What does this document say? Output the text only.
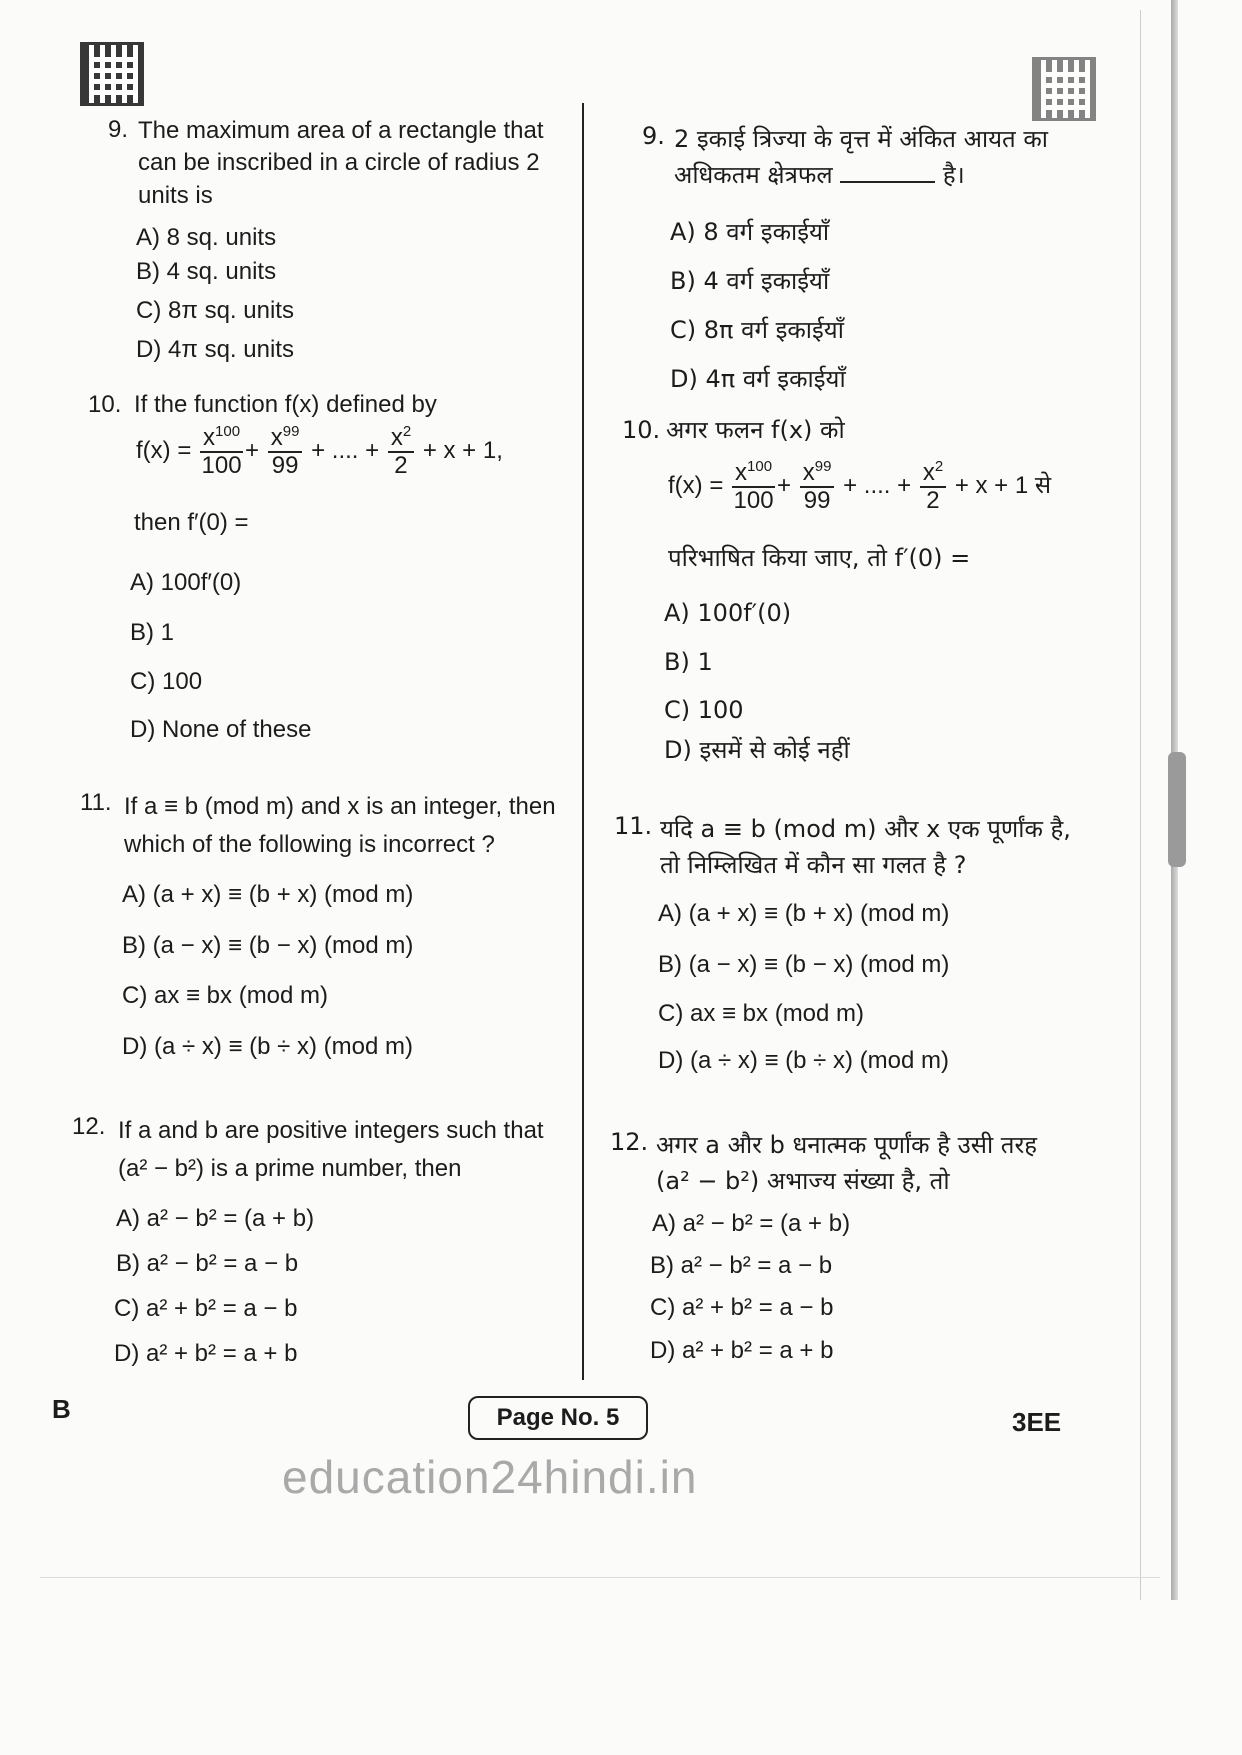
9. The maximum area of a rectangle that can be inscribed in a circle of radius 2 units is
A) 8 sq. units
B) 4 sq. units
C) 8π sq. units
D) 4π sq. units
10. If the function f(x) defined by
$f(x) = \frac{x^{100}}{100} + \frac{x^{99}}{99}$ + .... + $\frac{x^2}{2} + x + 1$,
then f′(0) =
A) 100f′(0)
B) 1
C) 100
D) None of these
11. If a ≡ b (mod m) and x is an integer, then which of the following is incorrect ?
A) (a + x) ≡ (b + x) (mod m)
B) (a − x) ≡ (b − x) (mod m)
C) ax ≡ bx (mod m)
D) (a ÷ x) ≡ (b ÷ x) (mod m)
12. If a and b are positive integers such that (a² − b²) is a prime number, then
A) a² − b² = (a + b)
B) a² − b² = a − b
C) a² + b² = a − b
D) a² + b² = a + b
9. 2 इकाई त्रिज्या के वृत्त में अंकित आयत का अधिकतम क्षेत्रफल	है।
A) 8 वर्ग इकाईयाँ
B) 4 वर्ग इकाईयाँ
C) 8π वर्ग इकाईयाँ
D) 4π वर्ग इकाईयाँ
10. अगर फलन f(x) को
$f(x) = \frac{x^{100}}{100} + \frac{x^{99}}{99}$ + .... + $\frac{x^2}{2} + x + 1$ से
परिभाषित किया जाए, तो f′(0) =
A) 100f′(0)
B) 1
C) 100
D) इसमें से कोई नहीं
11. यदि a ≡ b (mod m) और x एक पूर्णांक है, तो निम्लिखित में कौन सा गलत है ?
A) (a + x) ≡ (b + x) (mod m)
B) (a − x) ≡ (b − x) (mod m)
C) ax ≡ bx (mod m)
D) (a ÷ x) ≡ (b ÷ x) (mod m)
12. अगर a और b धनात्मक पूर्णांक है उसी तरह (a² − b²) अभाज्य संख्या है, तो
A) a² − b² = (a + b)
B) a² − b² = a − b
C) a² + b² = a − b
D) a² + b² = a + b
B	Page No. 5	3EE
education24hindi.in
